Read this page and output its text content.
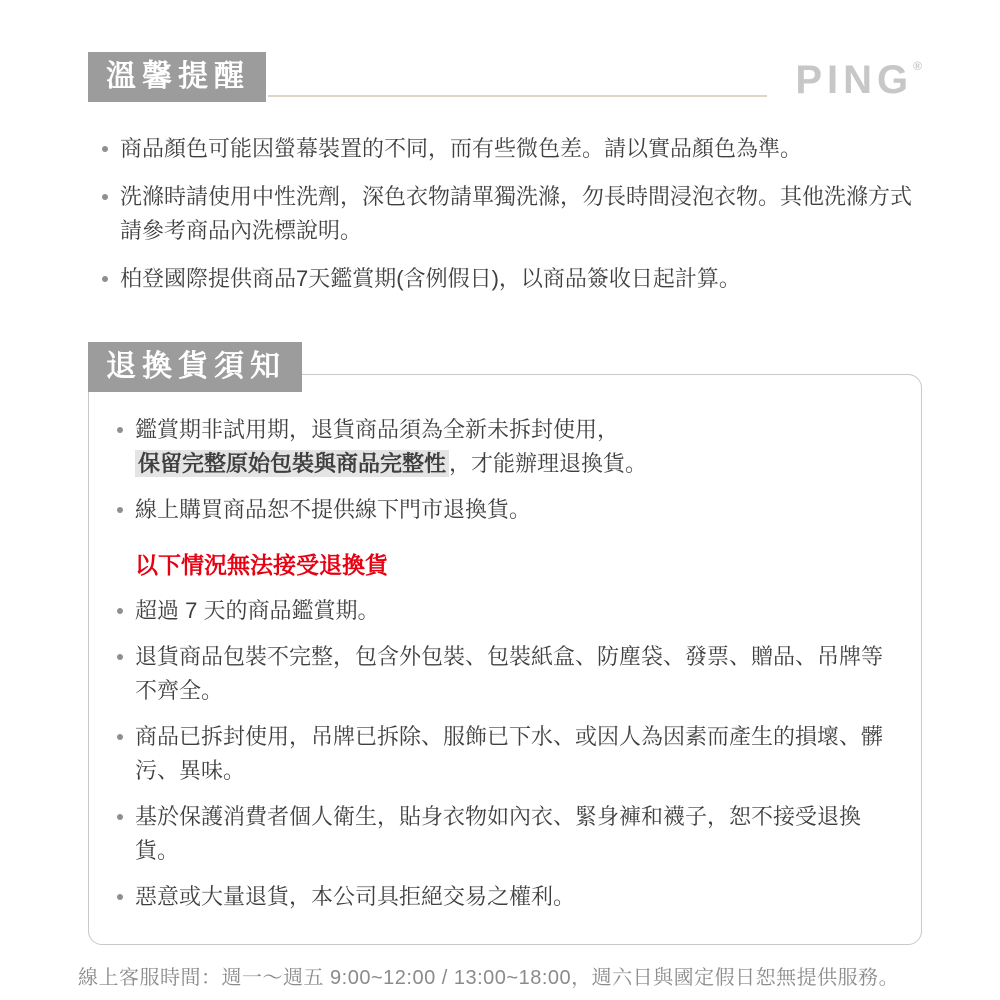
溫馨提醒	PING®
商品顏色可能因螢幕裝置的不同，而有些微色差。請以實品顏色為準。
洗滌時請使用中性洗劑，深色衣物請單獨洗滌，勿長時間浸泡衣物。其他洗滌方式請參考商品內洗標說明。
柏登國際提供商品7天鑑賞期(含例假日)，以商品簽收日起計算。
退換貨須知
鑑賞期非試用期，退貨商品須為全新未拆封使用，
保留完整原始包裝與商品完整性 ，才能辦理退換貨。
線上購買商品恕不提供線下門市退換貨。
以下情況無法接受退換貨
超過 7 天的商品鑑賞期。
退貨商品包裝不完整，包含外包裝、包裝紙盒、防塵袋、發票、贈品、吊牌等不齊全。
商品已拆封使用，吊牌已拆除、服飾已下水、或因人為因素而產生的損壞、髒污、異味。
基於保護消費者個人衛生，貼身衣物如內衣、緊身褲和襪子，恕不接受退換貨。
惡意或大量退貨，本公司具拒絕交易之權利。
線上客服時間：週一～週五 9:00~12:00 / 13:00~18:00，週六日與國定假日恕無提供服務。
